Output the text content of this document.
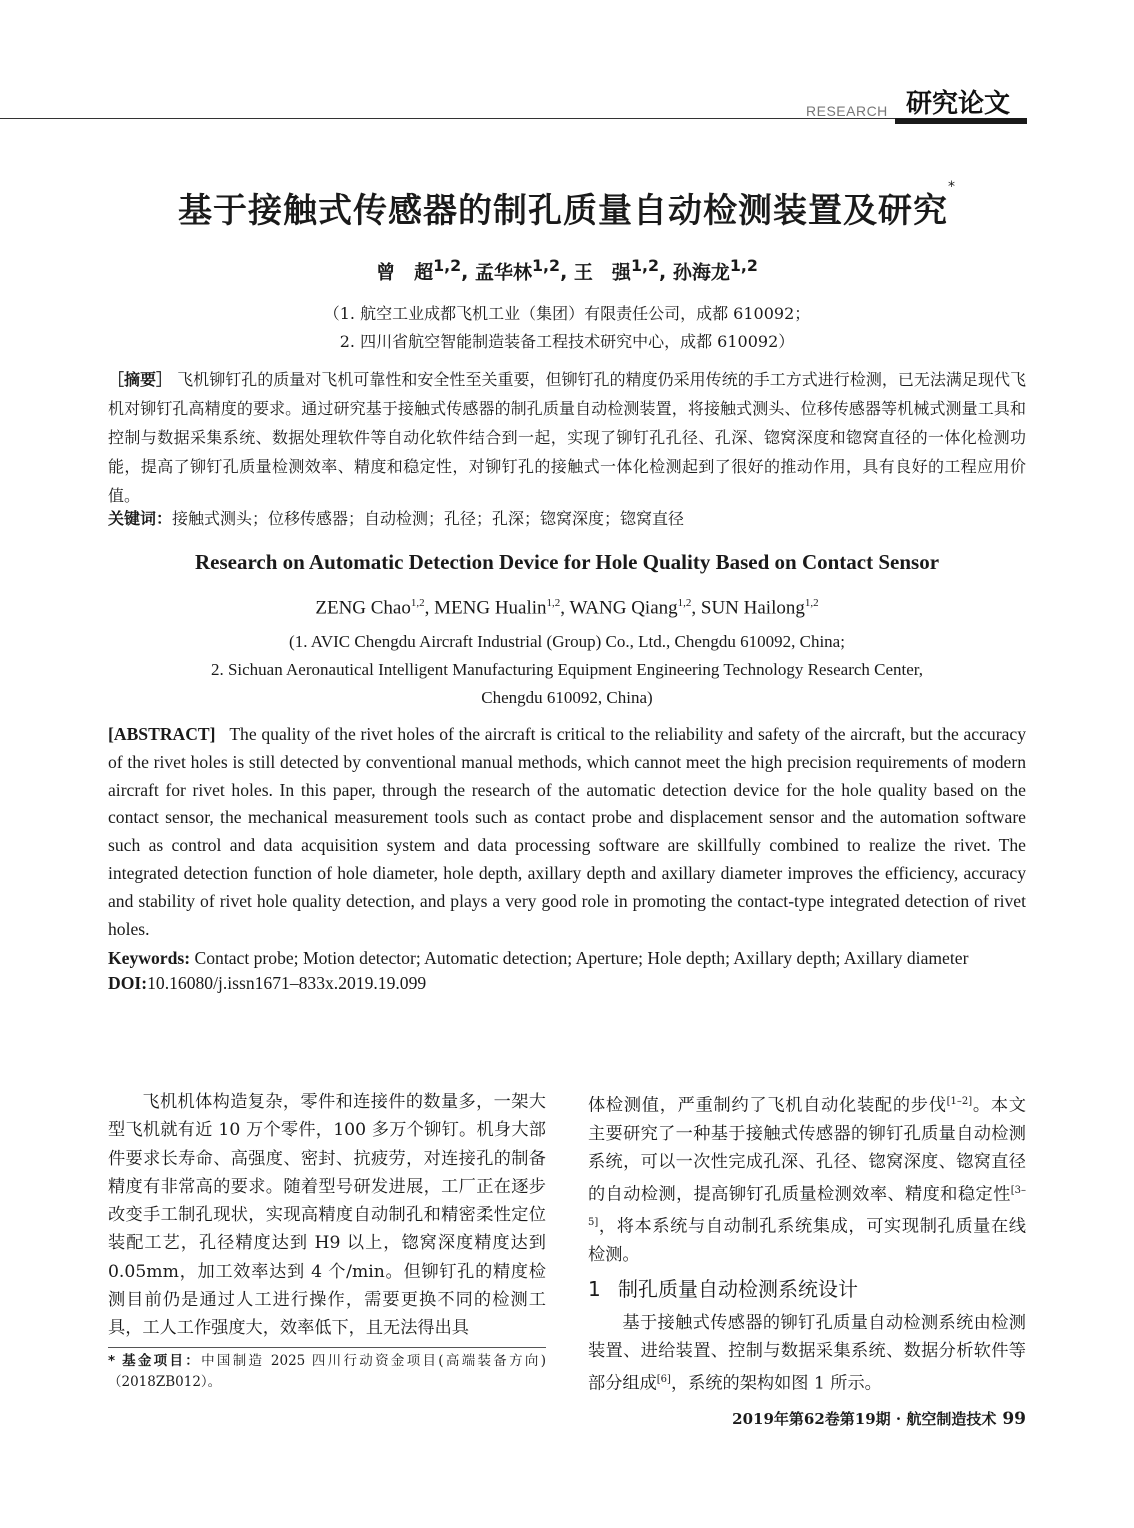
RESEARCH 研究论文
基于接触式传感器的制孔质量自动检测装置及研究*
曾　超$^{1,2}$, 孟华林$^{1,2}$, 王　强$^{1,2}$, 孙海龙$^{1,2}$
（1. 航空工业成都飞机工业（集团）有限责任公司，成都 610092；
2. 四川省航空智能制造装备工程技术研究中心，成都 610092）
［摘要］ 飞机铆钉孔的质量对飞机可靠性和安全性至关重要，但铆钉孔的精度仍采用传统的手工方式进行检测，已无法满足现代飞机对铆钉孔高精度的要求。通过研究基于接触式传感器的制孔质量自动检测装置，将接触式测头、位移传感器等机械式测量工具和控制与数据采集系统、数据处理软件等自动化软件结合到一起，实现了铆钉孔孔径、孔深、锪窝深度和锪窝直径的一体化检测功能，提高了铆钉孔质量检测效率、精度和稳定性，对铆钉孔的接触式一体化检测起到了很好的推动作用，具有良好的工程应用价值。
关键词：接触式测头；位移传感器；自动检测；孔径；孔深；锪窝深度；锪窝直径
Research on Automatic Detection Device for Hole Quality Based on Contact Sensor
ZENG Chao$^{1,2}$, MENG Hualin$^{1,2}$, WANG Qiang$^{1,2}$, SUN Hailong$^{1,2}$
(1. AVIC Chengdu Aircraft Industrial (Group) Co., Ltd., Chengdu 610092, China;
2. Sichuan Aeronautical Intelligent Manufacturing Equipment Engineering Technology Research Center,
Chengdu 610092, China)
[ABSTRACT] The quality of the rivet holes of the aircraft is critical to the reliability and safety of the aircraft, but the accuracy of the rivet holes is still detected by conventional manual methods, which cannot meet the high precision requirements of modern aircraft for rivet holes. In this paper, through the research of the automatic detection device for the hole quality based on the contact sensor, the mechanical measurement tools such as contact probe and displacement sensor and the automation software such as control and data acquisition system and data processing software are skillfully combined to realize the rivet. The integrated detection function of hole diameter, hole depth, axillary depth and axillary diameter improves the efficiency, accuracy and stability of rivet hole quality detection, and plays a very good role in promoting the contact-type integrated detection of rivet holes.
Keywords: Contact probe; Motion detector; Automatic detection; Aperture; Hole depth; Axillary depth; Axillary diameter
DOI:10.16080/j.issn1671–833x.2019.19.099

飞机机体构造复杂，零件和连接件的数量多，一架大型飞机就有近 10 万个零件，100 多万个铆钉。机身大部件要求长寿命、高强度、密封、抗疲劳，对连接孔的制备精度有非常高的要求。随着型号研发进展，工厂正在逐步改变手工制孔现状，实现高精度自动制孔和精密柔性定位装配工艺，孔径精度达到 H9 以上，锪窝深度精度达到 0.05mm，加工效率达到 4 个/min。但铆钉孔的精度检测目前仍是通过人工进行操作，需要更换不同的检测工具，工人工作强度大，效率低下，且无法得出具

* 基金项目：中国制造 2025 四川行动资金项目(高端装备方向)（2018ZB012）。

体检测值，严重制约了飞机自动化装配的步伐[1–2]。本文主要研究了一种基于接触式传感器的铆钉孔质量自动检测系统，可以一次性完成孔深、孔径、锪窝深度、锪窝直径的自动检测，提高铆钉孔质量检测效率、精度和稳定性[3–5]，将本系统与自动制孔系统集成，可实现制孔质量在线检测。

1 制孔质量自动检测系统设计

基于接触式传感器的铆钉孔质量自动检测系统由检测装置、进给装置、控制与数据采集系统、数据分析软件等部分组成[6]，系统的架构如图 1 所示。

2019年第62卷第19期 · 航空制造技术 99
